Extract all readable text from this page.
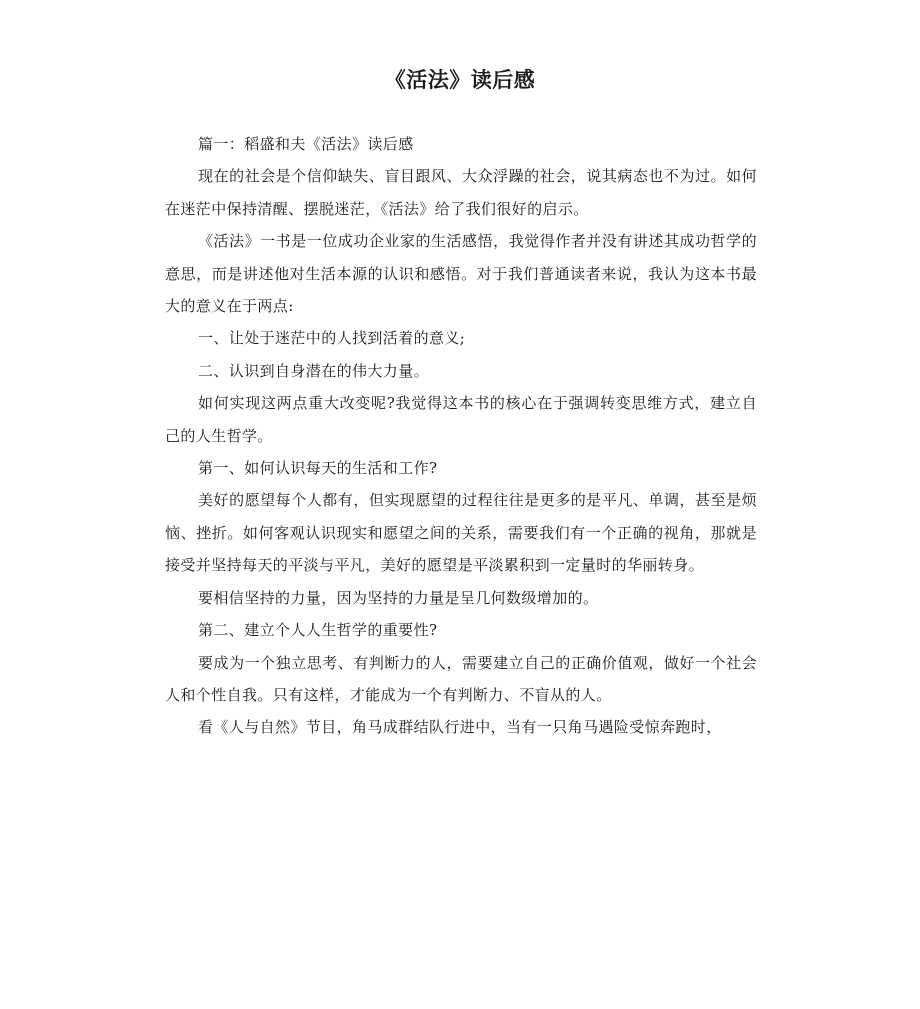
《活法》读后感

篇一：稻盛和夫《活法》读后感

现在的社会是个信仰缺失、盲目跟风、大众浮躁的社会，说其病态也不为过。如何在迷茫中保持清醒、摆脱迷茫，《活法》给了我们很好的启示。

《活法》一书是一位成功企业家的生活感悟，我觉得作者并没有讲述其成功哲学的意思，而是讲述他对生活本源的认识和感悟。对于我们普通读者来说，我认为这本书最大的意义在于两点:

一、让处于迷茫中的人找到活着的意义;

二、认识到自身潜在的伟大力量。

如何实现这两点重大改变呢?我觉得这本书的核心在于强调转变思维方式，建立自己的人生哲学。

第一、如何认识每天的生活和工作?

美好的愿望每个人都有，但实现愿望的过程往往是更多的是平凡、单调，甚至是烦恼、挫折。如何客观认识现实和愿望之间的关系，需要我们有一个正确的视角，那就是接受并坚持每天的平淡与平凡，美好的愿望是平淡累积到一定量时的华丽转身。

要相信坚持的力量，因为坚持的力量是呈几何数级增加的。

第二、建立个人人生哲学的重要性?

要成为一个独立思考、有判断力的人，需要建立自己的正确价值观，做好一个社会人和个性自我。只有这样，才能成为一个有判断力、不盲从的人。

看《人与自然》节目，角马成群结队行进中，当有一只角马遇险受惊奔跑时，
